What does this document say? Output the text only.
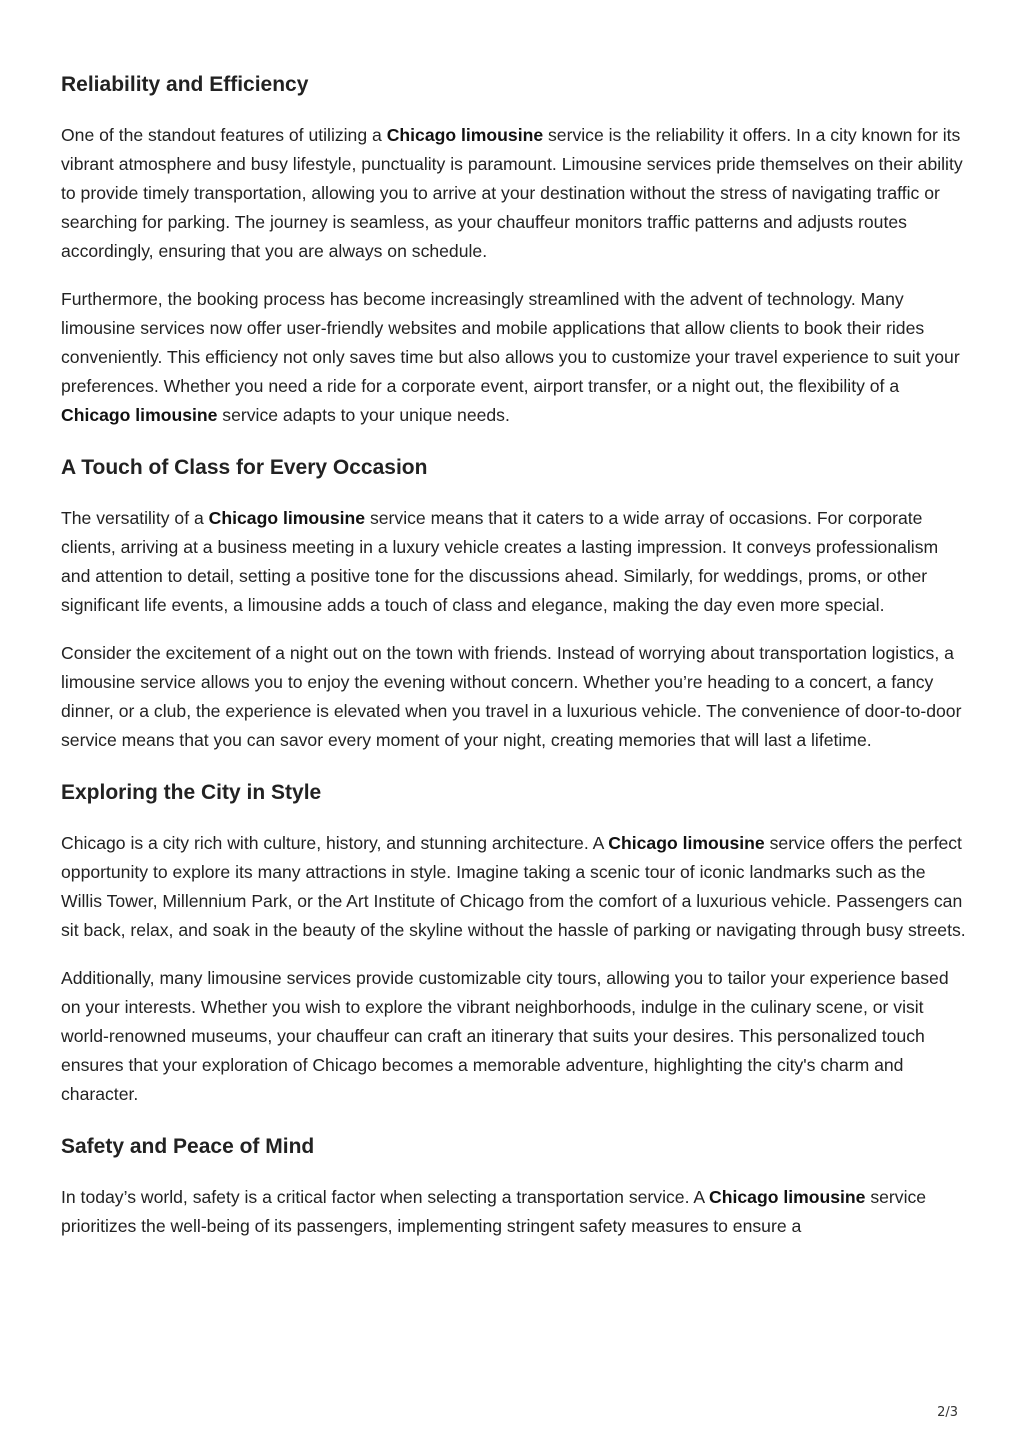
Reliability and Efficiency

One of the standout features of utilizing a Chicago limousine service is the reliability it offers. In a city known for its vibrant atmosphere and busy lifestyle, punctuality is paramount. Limousine services pride themselves on their ability to provide timely transportation, allowing you to arrive at your destination without the stress of navigating traffic or searching for parking. The journey is seamless, as your chauffeur monitors traffic patterns and adjusts routes accordingly, ensuring that you are always on schedule.

Furthermore, the booking process has become increasingly streamlined with the advent of technology. Many limousine services now offer user-friendly websites and mobile applications that allow clients to book their rides conveniently. This efficiency not only saves time but also allows you to customize your travel experience to suit your preferences. Whether you need a ride for a corporate event, airport transfer, or a night out, the flexibility of a Chicago limousine service adapts to your unique needs.

A Touch of Class for Every Occasion

The versatility of a Chicago limousine service means that it caters to a wide array of occasions. For corporate clients, arriving at a business meeting in a luxury vehicle creates a lasting impression. It conveys professionalism and attention to detail, setting a positive tone for the discussions ahead. Similarly, for weddings, proms, or other significant life events, a limousine adds a touch of class and elegance, making the day even more special.

Consider the excitement of a night out on the town with friends. Instead of worrying about transportation logistics, a limousine service allows you to enjoy the evening without concern. Whether you’re heading to a concert, a fancy dinner, or a club, the experience is elevated when you travel in a luxurious vehicle. The convenience of door-to-door service means that you can savor every moment of your night, creating memories that will last a lifetime.

Exploring the City in Style

Chicago is a city rich with culture, history, and stunning architecture. A Chicago limousine service offers the perfect opportunity to explore its many attractions in style. Imagine taking a scenic tour of iconic landmarks such as the Willis Tower, Millennium Park, or the Art Institute of Chicago from the comfort of a luxurious vehicle. Passengers can sit back, relax, and soak in the beauty of the skyline without the hassle of parking or navigating through busy streets.

Additionally, many limousine services provide customizable city tours, allowing you to tailor your experience based on your interests. Whether you wish to explore the vibrant neighborhoods, indulge in the culinary scene, or visit world-renowned museums, your chauffeur can craft an itinerary that suits your desires. This personalized touch ensures that your exploration of Chicago becomes a memorable adventure, highlighting the city's charm and character.

Safety and Peace of Mind

In today’s world, safety is a critical factor when selecting a transportation service. A Chicago limousine service prioritizes the well-being of its passengers, implementing stringent safety measures to ensure a

2/3
